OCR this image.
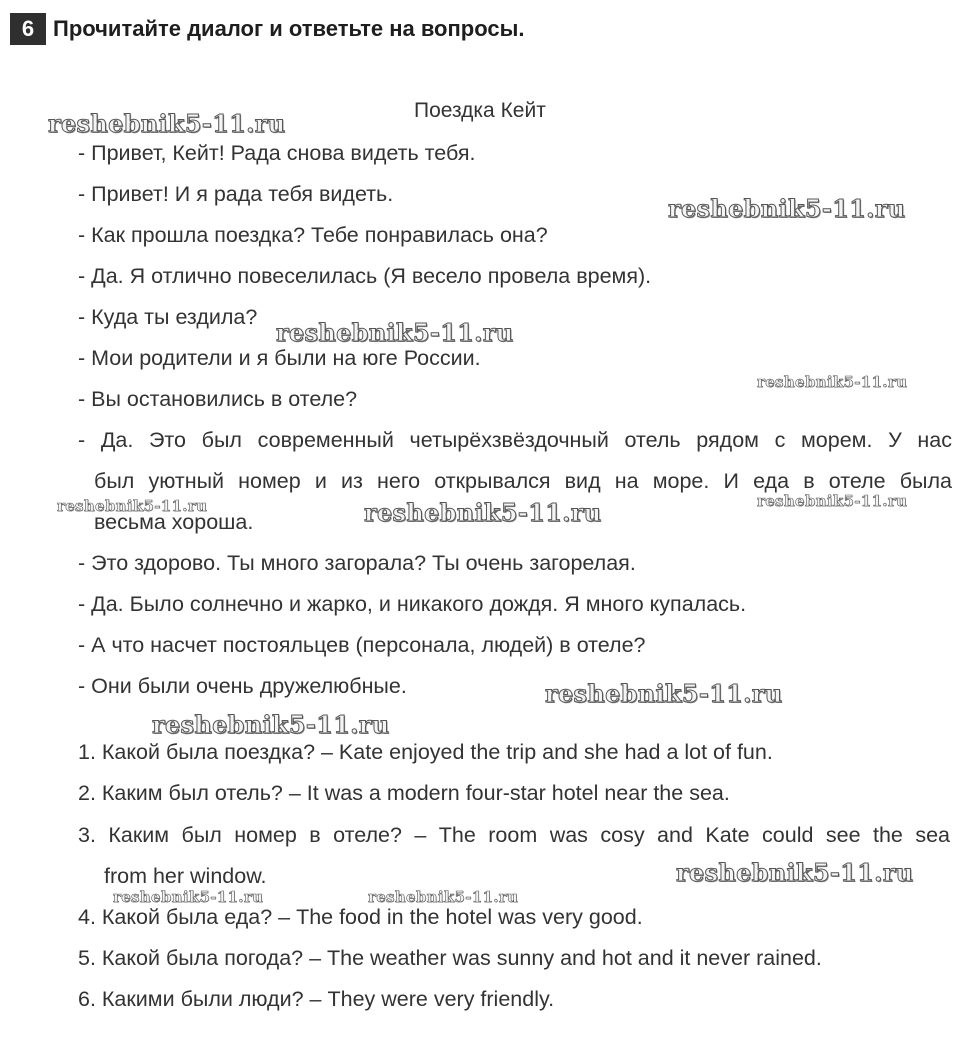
6 Прочитайте диалог и ответьте на вопросы.
Поездка Кейт
- Привет, Кейт! Рада снова видеть тебя.
- Привет! И я рада тебя видеть.
- Как прошла поездка? Тебе понравилась она?
- Да. Я отлично повеселилась (Я весело провела время).
- Куда ты ездила?
- Мои родители и я были на юге России.
- Вы остановились в отеле?
- Да. Это был современный четырёхзвёздочный отель рядом с морем. У нас
был уютный номер и из него открывался вид на море. И еда в отеле была
весьма хороша.
- Это здорово. Ты много загорала? Ты очень загорелая.
- Да. Было солнечно и жарко, и никакого дождя. Я много купалась.
- А что насчет постояльцев (персонала, людей) в отеле?
- Они были очень дружелюбные.
1. Какой была поездка? – Kate enjoyed the trip and she had a lot of fun.
2. Каким был отель? – It was a modern four-star hotel near the sea.
3. Каким был номер в отеле? – The room was cosy and Kate could see the sea
from her window.
4. Какой была еда? – The food in the hotel was very good.
5. Какой была погода? – The weather was sunny and hot and it never rained.
6. Какими были люди? – They were very friendly.
reshebnik5-11.ru
reshebnik5-11.ru
reshebnik5-11.ru
reshebnik5-11.ru
reshebnik5-11.ru	reshebnik5-11.ru	reshebnik5-11.ru
reshebnik5-11.ru
reshebnik5-11.ru
reshebnik5-11.ru
reshebnik5-11.ru	reshebnik5-11.ru
